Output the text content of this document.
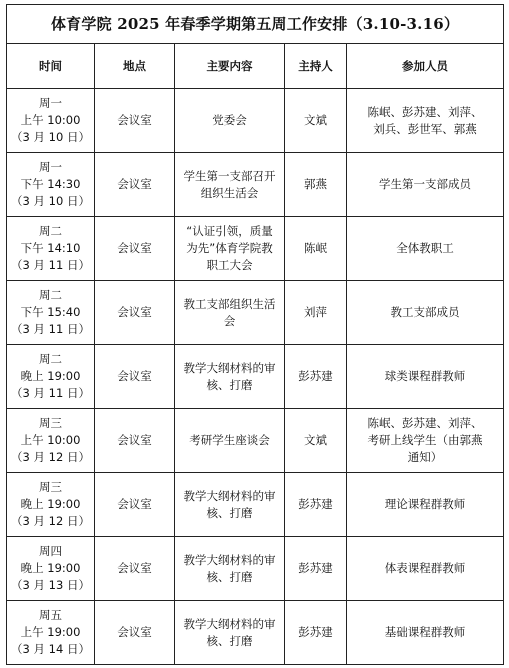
体育学院 2025 年春季学期第五周工作安排（3.10-3.16）				
时间	地点	主要内容	主持人	参加人员

周一
上午 10:00
（3 月 10 日）	会议室	党委会	文斌	陈岷、彭苏建、刘萍、
刘兵、彭世军、郭燕

周一
下午 14:30
（3 月 10 日）	会议室	学生第一支部召开组织生活会	郭燕	学生第一支部成员

周二
下午 14:10
（3 月 11 日）	会议室	“认证引领，质量为先”体育学院教职工大会	陈岷	全体教职工

周二
下午 15:40
（3 月 11 日）	会议室	教工支部组织生活会	刘萍	教工支部成员

周二
晚上 19:00
（3 月 11 日）	会议室	教学大纲材料的审核、打磨	彭苏建	球类课程群教师

周三
上午 10:00
（3 月 12 日）	会议室	考研学生座谈会	文斌	陈岷、彭苏建、刘萍、
考研上线学生（由郭燕
通知）

周三
晚上 19:00
（3 月 12 日）	会议室	教学大纲材料的审核、打磨	彭苏建	理论课程群教师

周四
晚上 19:00
（3 月 13 日）	会议室	教学大纲材料的审核、打磨	彭苏建	体表课程群教师

周五
上午 19:00
（3 月 14 日）	会议室	教学大纲材料的审核、打磨	彭苏建	基础课程群教师
